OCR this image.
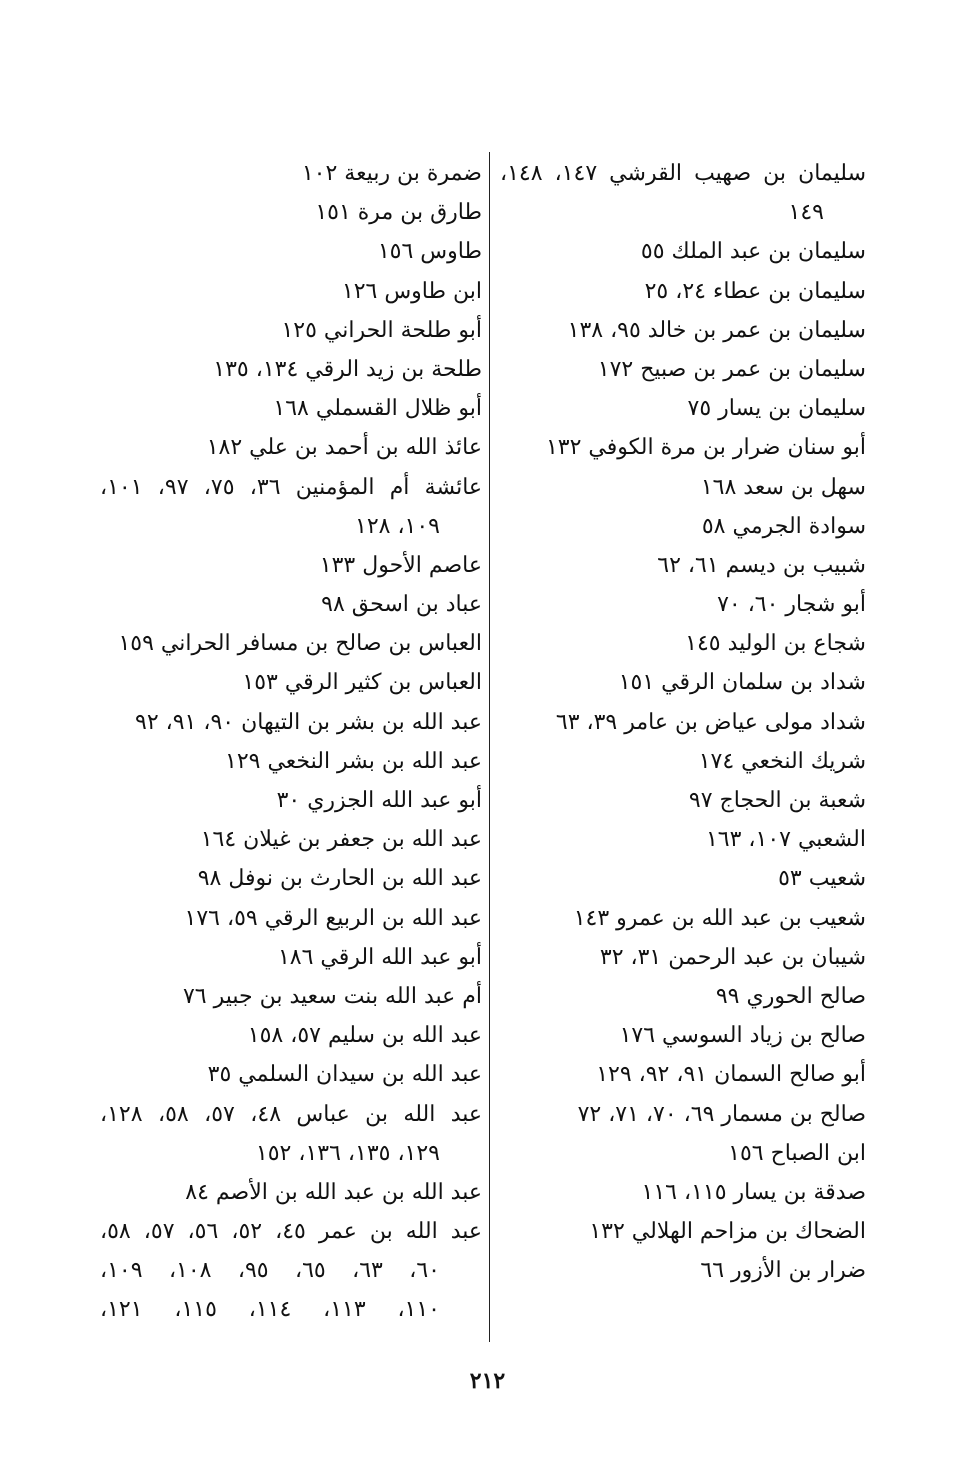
سليمان بن صهيب القرشي ١٤٧، ١٤٨،
١٤٩
سليمان بن عبد الملك ٥٥
سليمان بن عطاء ٢٤، ٢٥
سليمان بن عمر بن خالد ٩٥، ١٣٨
سليمان بن عمر بن صبيح ١٧٢
سليمان بن يسار ٧٥
أبو سنان ضرار بن مرة الكوفي ١٣٢
سهل بن سعد ١٦٨
سوادة الجرمي ٥٨
شبيب بن ديسم ٦١، ٦٢
أبو شجار ٦٠، ٧٠
شجاع بن الوليد ١٤٥
شداد بن سلمان الرقي ١٥١
شداد مولى عياض بن عامر ٣٩، ٦٣
شريك النخعي ١٧٤
شعبة بن الحجاج ٩٧
الشعبي ١٠٧، ١٦٣
شعيب ٥٣
شعيب بن عبد الله بن عمرو ١٤٣
شيبان بن عبد الرحمن ٣١، ٣٢
صالح الحوري ٩٩
صالح بن زياد السوسي ١٧٦
أبو صالح السمان ٩١، ٩٢، ١٢٩
صالح بن مسمار ٦٩، ٧٠، ٧١، ٧٢
ابن الصباح ١٥٦
صدقة بن يسار ١١٥، ١١٦
الضحاك بن مزاحم الهلالي ١٣٢
ضرار بن الأزور ٦٦
ضمرة بن ربيعة ١٠٢
طارق بن مرة ١٥١
طاوس ١٥٦
ابن طاوس ١٢٦
أبو طلحة الحراني ١٢٥
طلحة بن زيد الرقي ١٣٤، ١٣٥
أبو ظلال القسملي ١٦٨
عائذ الله بن أحمد بن علي ١٨٢
عائشة أم المؤمنين ٣٦، ٧٥، ٩٧، ١٠١،
١٠٩، ١٢٨
عاصم الأحول ١٣٣
عباد بن اسحق ٩٨
العباس بن صالح بن مسافر الحراني ١٥٩
العباس بن كثير الرقي ١٥٣
عبد الله بن بشر بن التيهان ٩٠، ٩١، ٩٢
عبد الله بن بشر النخعي ١٢٩
أبو عبد الله الجزري ٣٠
عبد الله بن جعفر بن غيلان ١٦٤
عبد الله بن الحارث بن نوفل ٩٨
عبد الله بن الربيع الرقي ٥٩، ١٧٦
أبو عبد الله الرقي ١٨٦
أم عبد الله بنت سعيد بن جبير ٧٦
عبد الله بن سليم ٥٧، ١٥٨
عبد الله بن سيدان السلمي ٣٥
عبد الله بن عباس ٤٨، ٥٧، ٥٨، ١٢٨،
١٢٩، ١٣٥، ١٣٦، ١٥٢
عبد الله بن عبد الله بن الأصم ٨٤
عبد الله بن عمر ٤٥، ٥٢، ٥٦، ٥٧، ٥٨،
٦٠، ٦٣، ٦٥، ٩٥، ١٠٨، ١٠٩،
١١٠، ١١٣، ١١٤، ١١٥، ١٢١،
٢١٢
